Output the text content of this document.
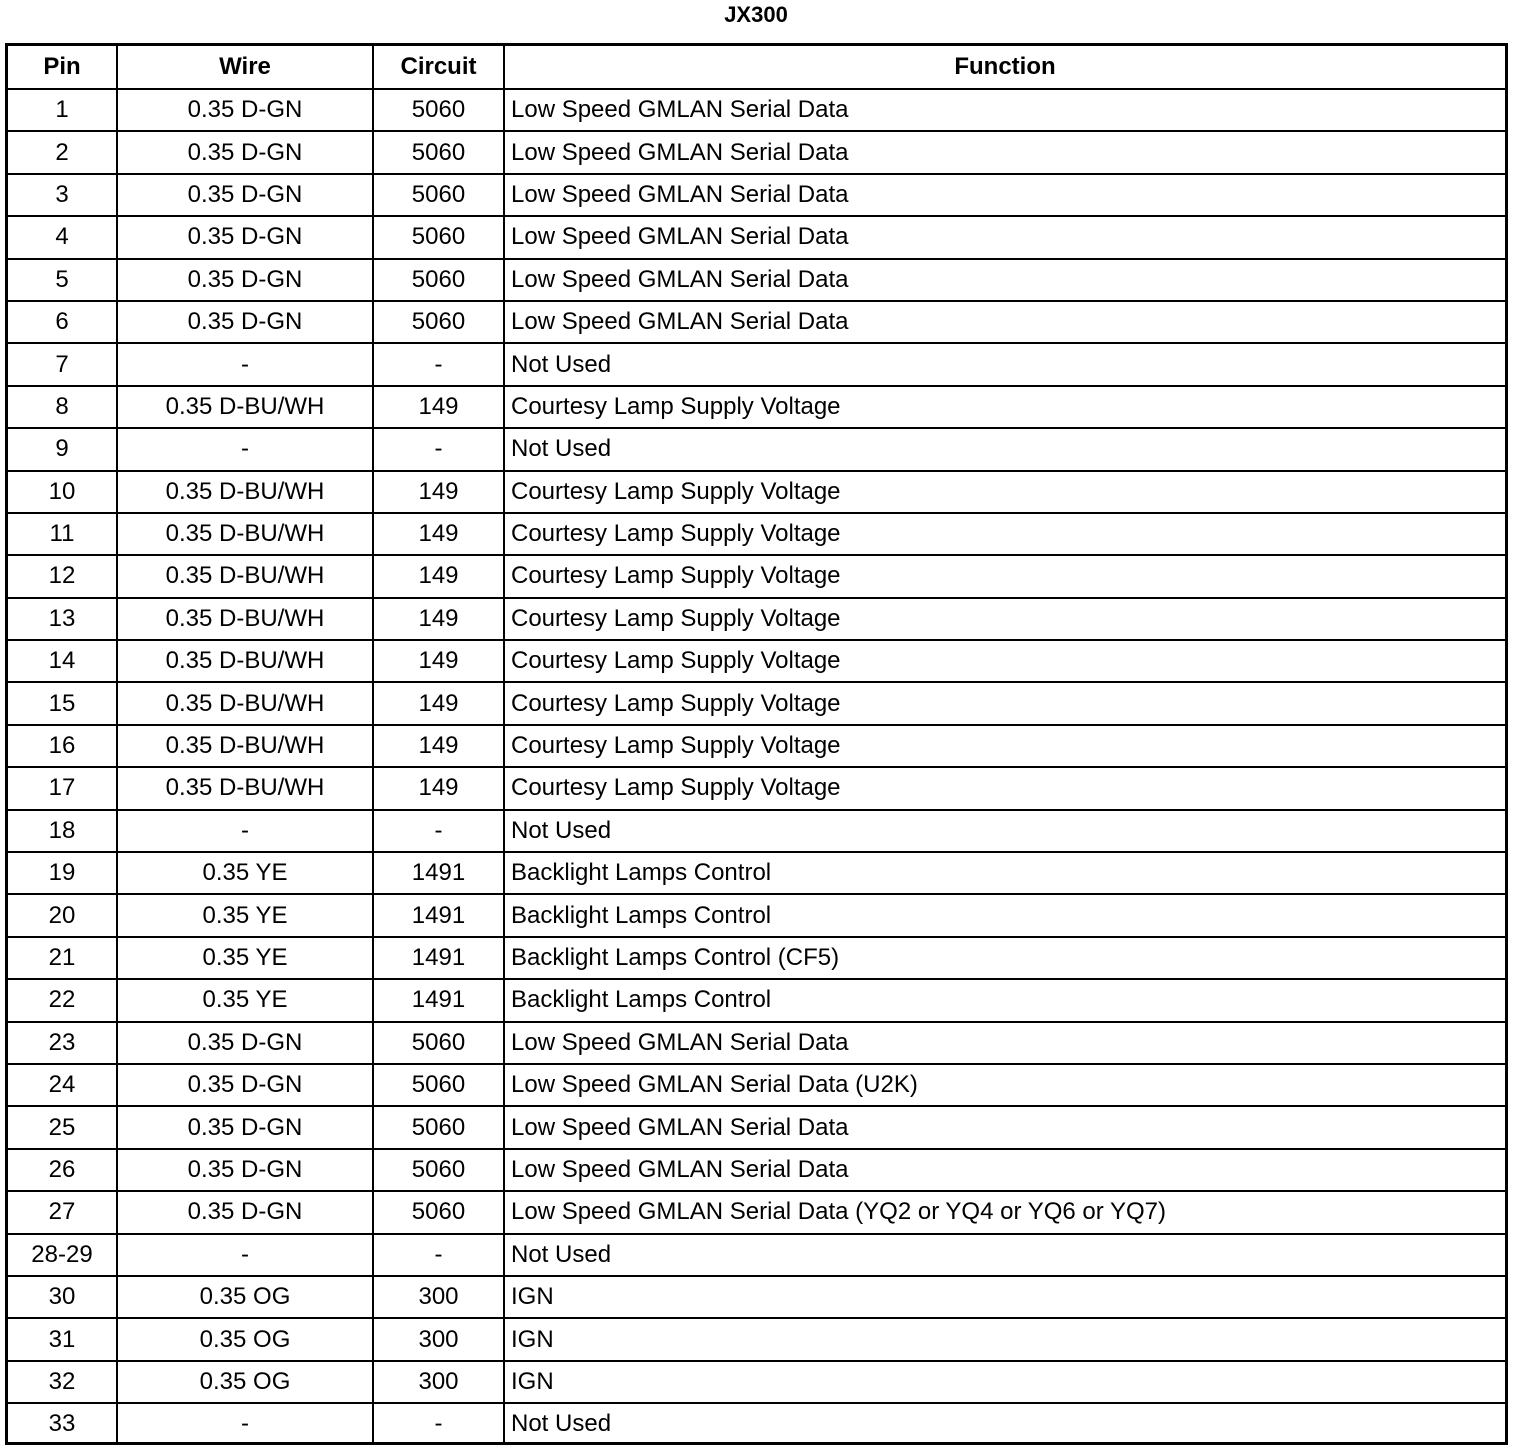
JX300
Pin	Wire	Circuit	Function
1	0.35 D-GN	5060	Low Speed GMLAN Serial Data
2	0.35 D-GN	5060	Low Speed GMLAN Serial Data
3	0.35 D-GN	5060	Low Speed GMLAN Serial Data
4	0.35 D-GN	5060	Low Speed GMLAN Serial Data
5	0.35 D-GN	5060	Low Speed GMLAN Serial Data
6	0.35 D-GN	5060	Low Speed GMLAN Serial Data
7	-	-	Not Used
8	0.35 D-BU/WH	149	Courtesy Lamp Supply Voltage
9	-	-	Not Used
10	0.35 D-BU/WH	149	Courtesy Lamp Supply Voltage
11	0.35 D-BU/WH	149	Courtesy Lamp Supply Voltage
12	0.35 D-BU/WH	149	Courtesy Lamp Supply Voltage
13	0.35 D-BU/WH	149	Courtesy Lamp Supply Voltage
14	0.35 D-BU/WH	149	Courtesy Lamp Supply Voltage
15	0.35 D-BU/WH	149	Courtesy Lamp Supply Voltage
16	0.35 D-BU/WH	149	Courtesy Lamp Supply Voltage
17	0.35 D-BU/WH	149	Courtesy Lamp Supply Voltage
18	-	-	Not Used
19	0.35 YE	1491	Backlight Lamps Control
20	0.35 YE	1491	Backlight Lamps Control
21	0.35 YE	1491	Backlight Lamps Control (CF5)
22	0.35 YE	1491	Backlight Lamps Control
23	0.35 D-GN	5060	Low Speed GMLAN Serial Data
24	0.35 D-GN	5060	Low Speed GMLAN Serial Data (U2K)
25	0.35 D-GN	5060	Low Speed GMLAN Serial Data
26	0.35 D-GN	5060	Low Speed GMLAN Serial Data
27	0.35 D-GN	5060	Low Speed GMLAN Serial Data (YQ2 or YQ4 or YQ6 or YQ7)
28-29	-	-	Not Used
30	0.35 OG	300	IGN
31	0.35 OG	300	IGN
32	0.35 OG	300	IGN
33	-	-	Not Used
